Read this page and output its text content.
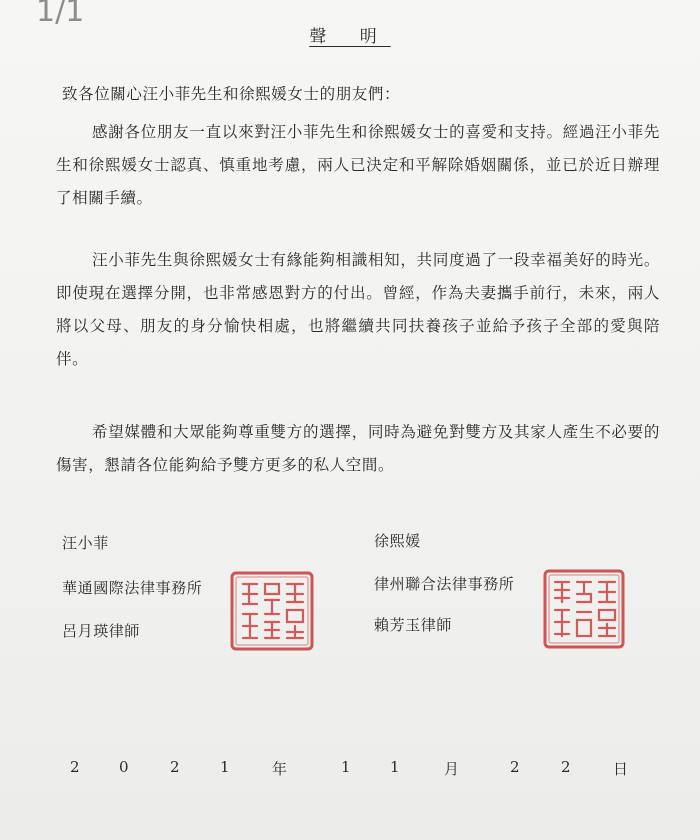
1/1
聲 明

致各位關心汪小菲先生和徐熙媛女士的朋友們：

感謝各位朋友一直以來對汪小菲先生和徐熙媛女士的喜愛和支持。經過汪小菲先生和徐熙媛女士認真、慎重地考慮，兩人已決定和平解除婚姻關係，並已於近日辦理了相關手續。

汪小菲先生與徐熙媛女士有緣能夠相識相知，共同度過了一段幸福美好的時光。即使現在選擇分開，也非常感恩對方的付出。曾經，作為夫妻攜手前行，未來，兩人將以父母、朋友的身分愉快相處，也將繼續共同扶養孩子並給予孩子全部的愛與陪伴。

希望媒體和大眾能夠尊重雙方的選擇，同時為避免對雙方及其家人產生不必要的傷害，懇請各位能夠給予雙方更多的私人空間。

汪小菲
華通國際法律事務所
呂月瑛律師
徐熙媛
律州聯合法律事務所
賴芳玉律師
2	0	2	1	年	1	1	月	2	2	日
